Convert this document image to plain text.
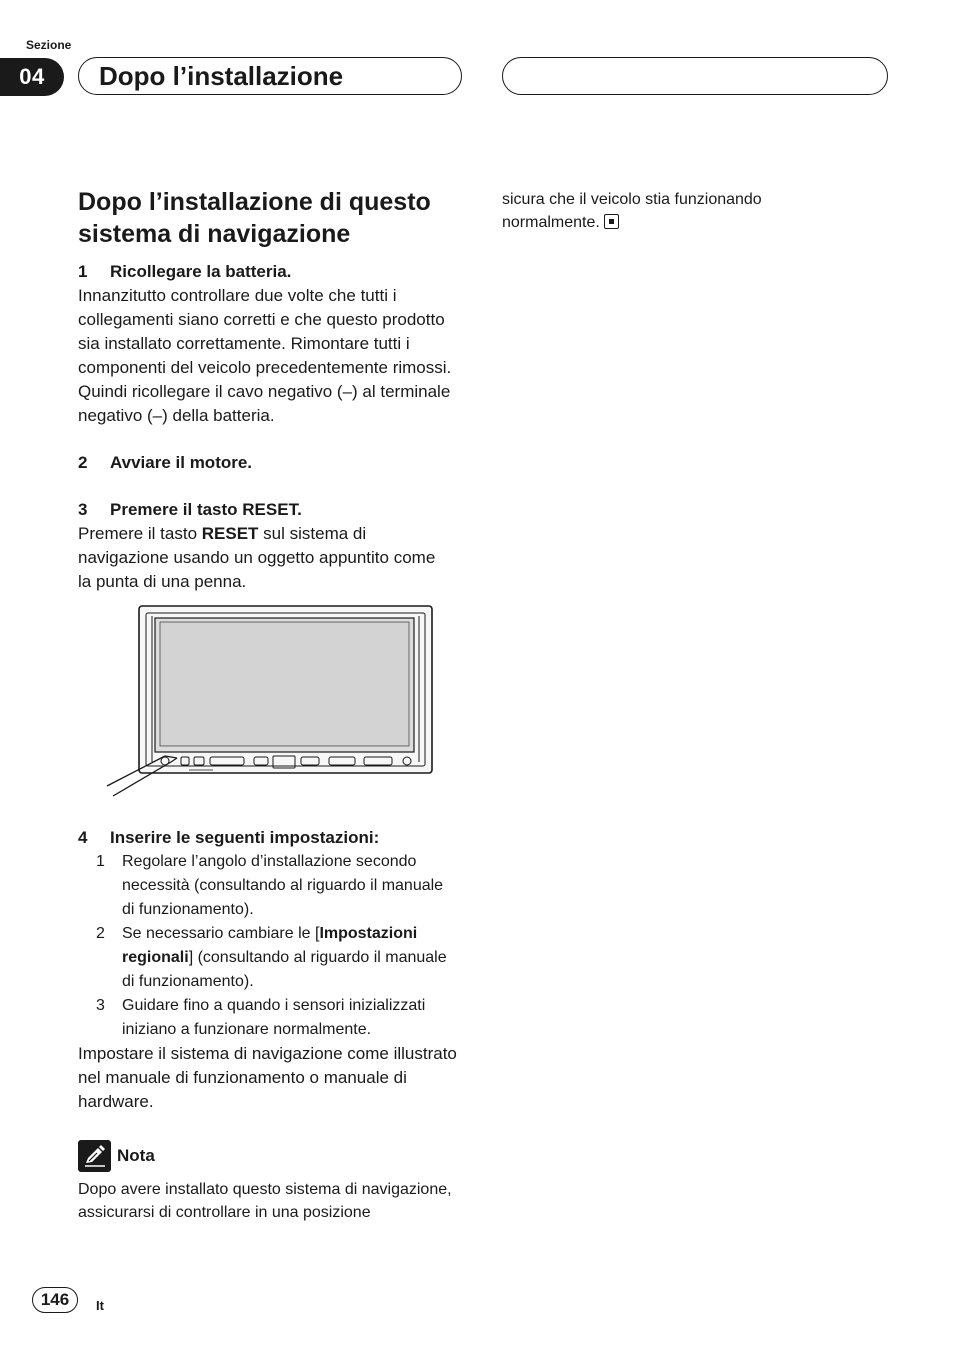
Sezione
04	Dopo l’installazione
Dopo l’installazione di questo sistema di navigazione
1	Ricollegare la batteria.
Innanzitutto controllare due volte che tutti i collegamenti siano corretti e che questo prodotto sia installato correttamente. Rimontare tutti i componenti del veicolo precedentemente rimossi. Quindi ricollegare il cavo negativo (–) al terminale negativo (–) della batteria.
2	Avviare il motore.
3	Premere il tasto RESET.
Premere il tasto RESET sul sistema di navigazione usando un oggetto appuntito come la punta di una penna.
4	Inserire le seguenti impostazioni:
1	Regolare l’angolo d’installazione secondo necessità (consultando al riguardo il manuale di funzionamento).
2	Se necessario cambiare le [Impostazioni regionali] (consultando al riguardo il manuale di funzionamento).
3	Guidare fino a quando i sensori inizializzati iniziano a funzionare normalmente.
Impostare il sistema di navigazione come illustrato nel manuale di funzionamento o manuale di hardware.
Nota
Dopo avere installato questo sistema di navigazione, assicurarsi di controllare in una posizione
sicura che il veicolo stia funzionando normalmente.
146	It
